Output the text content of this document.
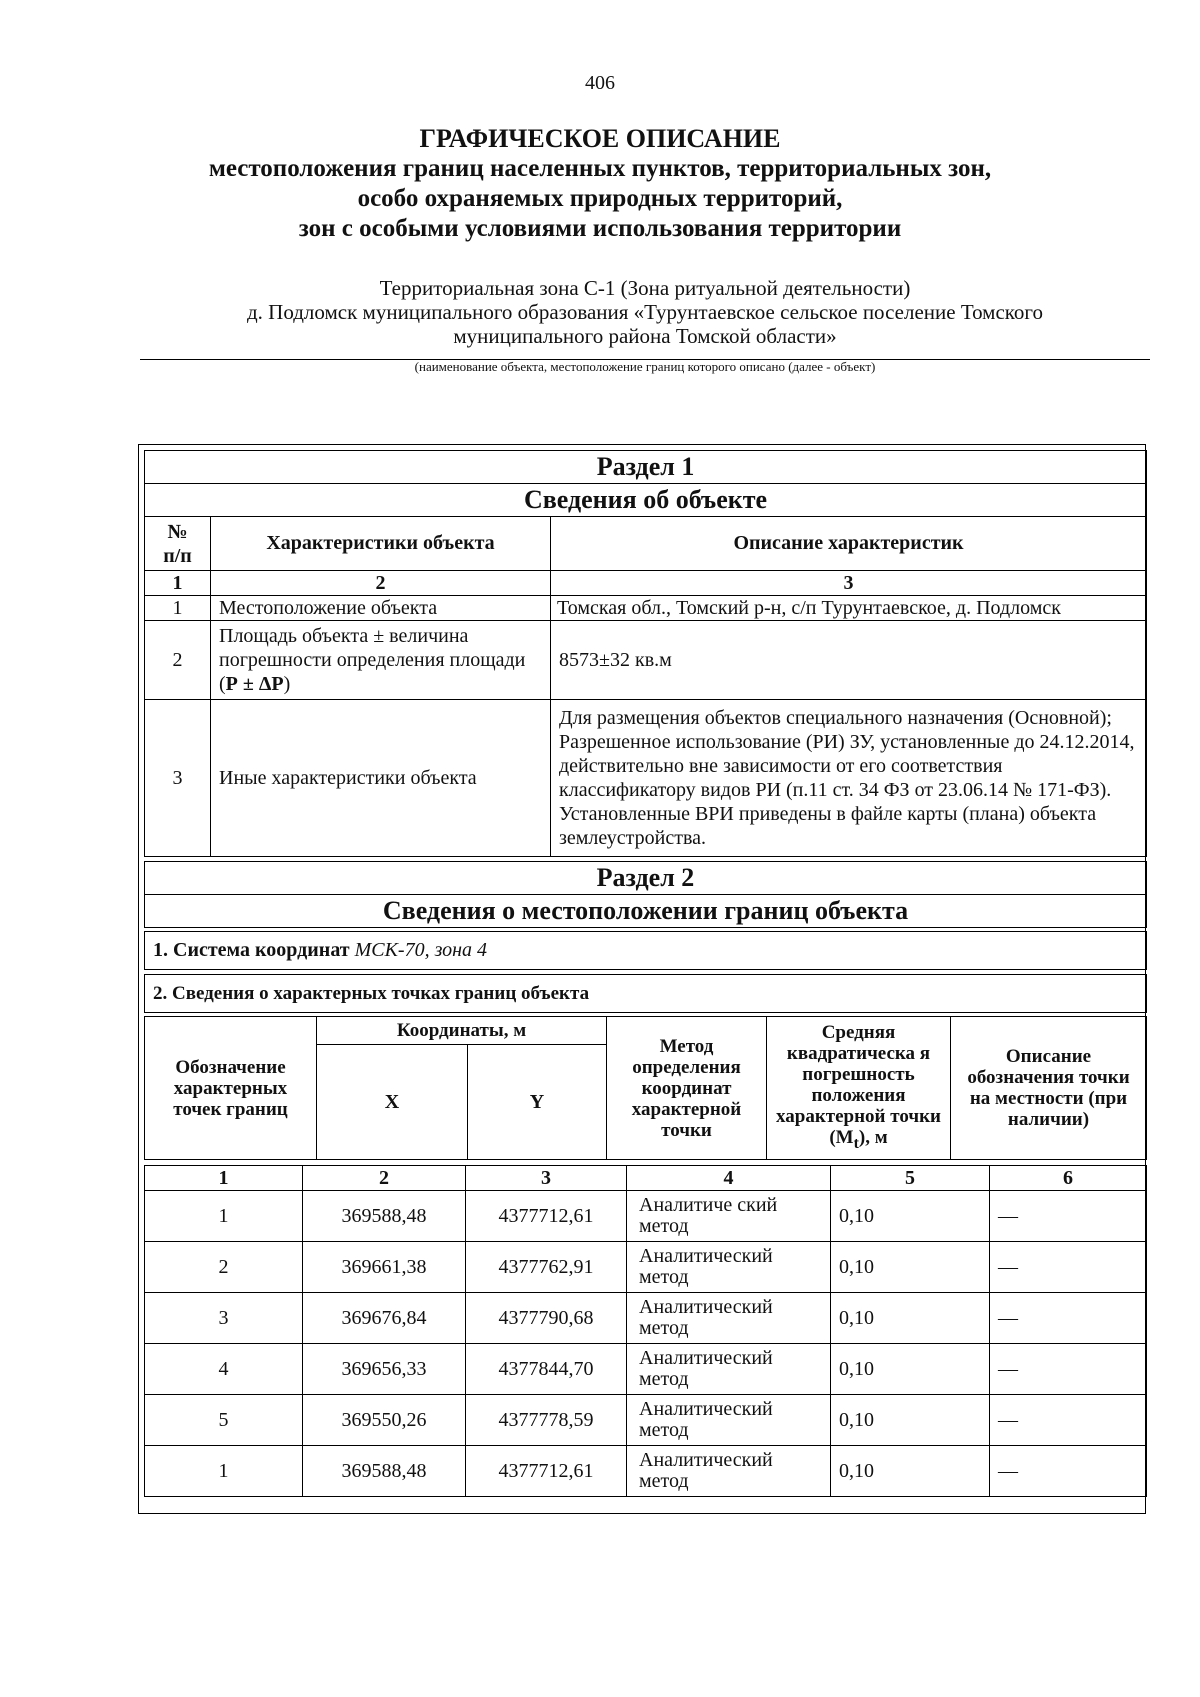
406
ГРАФИЧЕСКОЕ ОПИСАНИЕ
местоположения границ населенных пунктов, территориальных зон,
особо охраняемых природных территорий,
зон с особыми условиями использования территории
Территориальная зона С-1 (Зона ритуальной деятельности)
д. Подломск муниципального образования «Турунтаевское сельское поселение Томского
муниципального района Томской области»
(наименование объекта, местоположение границ которого описано (далее - объект)
Раздел 1		
Сведения об объекте		
№
п/п	Характеристики объекта	Описание характеристик
1	2	3
1	Местоположение объекта	Томская обл., Томский р-н, с/п Турунтаевское, д. Подломск
2	Площадь объекта ± величина погрешности определения площади (Р ± ΔР)	8573±32 кв.м
3	Иные характеристики объекта	Для размещения объектов специального назначения (Основной); Разрешенное использование (РИ) ЗУ, установленные до 24.12.2014, действительно вне зависимости от его соответствия классификатору видов РИ (п.11 ст. 34 ФЗ от 23.06.14 № 171-ФЗ). Установленные ВРИ приведены в файле карты (плана) объекта землеустройства.
Раздел 2
Сведения о местоположении границ объекта
1. Система координат МСК-70, зона 4
2. Сведения о характерных точках границ объекта
Обозначение характерных точек границ	Координаты, м		Метод определения координат характерной точки	Средняя квадратическа я погрешность положения характерной точки $(М_t)$, м	Описание обозначения точки на местности (при наличии)
	X	Y			
1	2	3	4	5	6
1	369588,48	4377712,61	Аналитиче ский метод	0,10	—
2	369661,38	4377762,91	Аналитический метод	0,10	—
3	369676,84	4377790,68	Аналитический метод	0,10	—
4	369656,33	4377844,70	Аналитический метод	0,10	—
5	369550,26	4377778,59	Аналитический метод	0,10	—
1	369588,48	4377712,61	Аналитический метод	0,10	—
